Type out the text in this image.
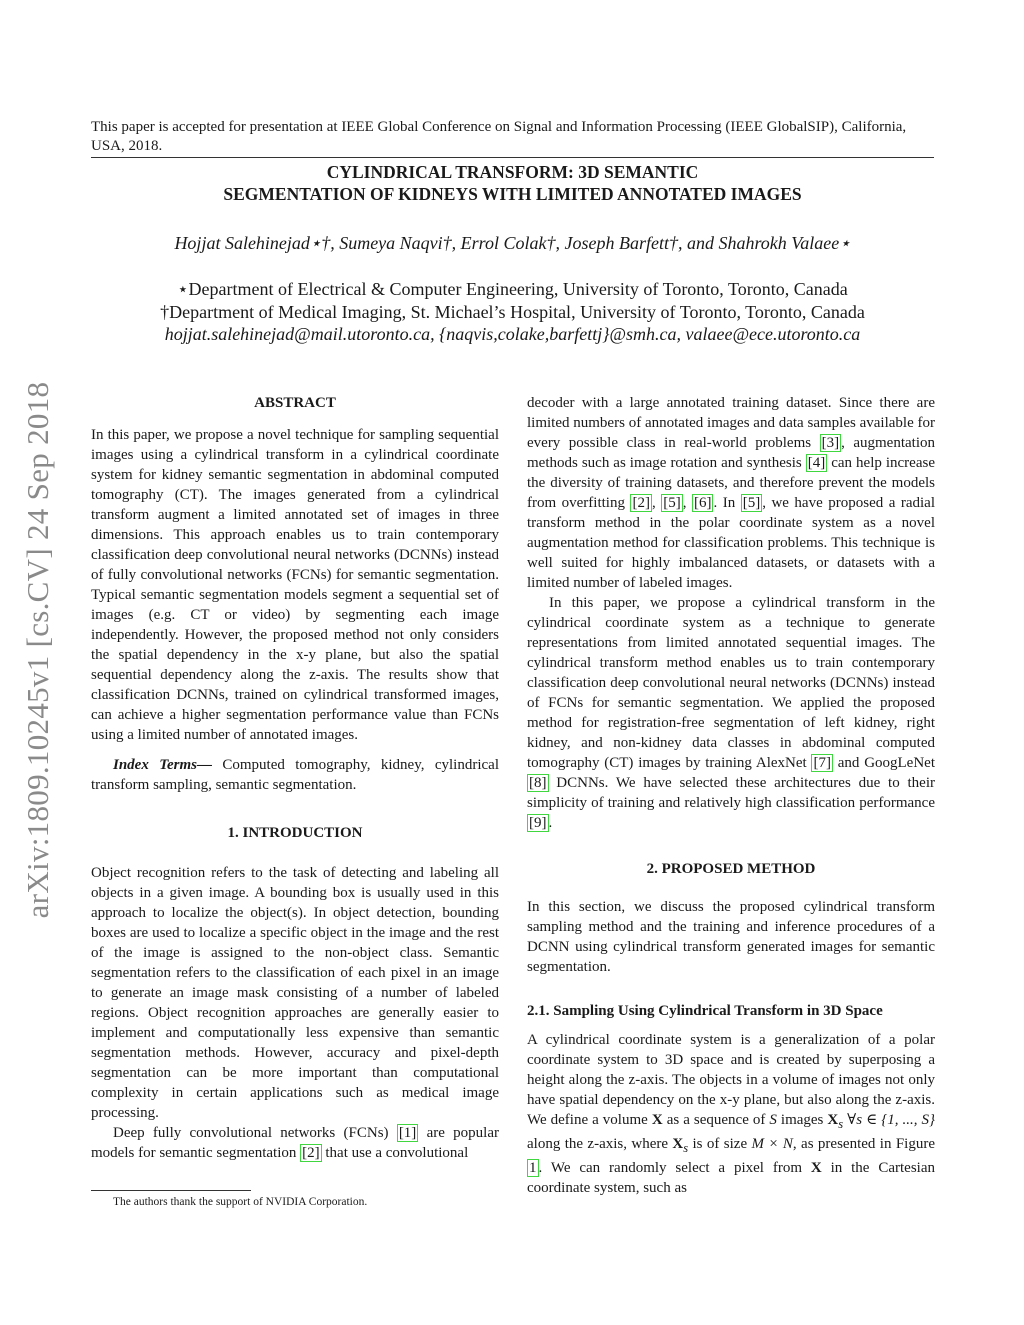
arXiv:1809.10245v1 [cs.CV] 24 Sep 2018
This paper is accepted for presentation at IEEE Global Conference on Signal and Information Processing (IEEE GlobalSIP), California, USA, 2018.
CYLINDRICAL TRANSFORM: 3D SEMANTIC
SEGMENTATION OF KIDNEYS WITH LIMITED ANNOTATED IMAGES
Hojjat Salehinejad⋆†, Sumeya Naqvi†, Errol Colak†, Joseph Barfett†, and Shahrokh Valaee⋆
⋆Department of Electrical & Computer Engineering, University of Toronto, Toronto, Canada
†Department of Medical Imaging, St. Michael’s Hospital, University of Toronto, Toronto, Canada
hojjat.salehinejad@mail.utoronto.ca, {naqvis,colake,barfettj}@smh.ca, valaee@ece.utoronto.ca

ABSTRACT

In this paper, we propose a novel technique for sampling sequential images using a cylindrical transform in a cylindrical coordinate system for kidney semantic segmentation in abdominal computed tomography (CT). The images generated from a cylindrical transform augment a limited annotated set of images in three dimensions. This approach enables us to train contemporary classification deep convolutional neural networks (DCNNs) instead of fully convolutional networks (FCNs) for semantic segmentation. Typical semantic segmentation models segment a sequential set of images (e.g. CT or video) by segmenting each image independently. However, the proposed method not only considers the spatial dependency in the x-y plane, but also the spatial sequential dependency along the z-axis. The results show that classification DCNNs, trained on cylindrical transformed images, can achieve a higher segmentation performance value than FCNs using a limited number of annotated images.

Index Terms— Computed tomography, kidney, cylindrical transform sampling, semantic segmentation.

1. INTRODUCTION

Object recognition refers to the task of detecting and labeling all objects in a given image. A bounding box is usually used in this approach to localize the object(s). In object detection, bounding boxes are used to localize a specific object in the image and the rest of the image is assigned to the non-object class. Semantic segmentation refers to the classification of each pixel in an image to generate an image mask consisting of a number of labeled regions. Object recognition approaches are generally easier to implement and computationally less expensive than semantic segmentation methods. However, accuracy and pixel-depth segmentation can be more important than computational complexity in certain applications such as medical image processing.

Deep fully convolutional networks (FCNs) [1] are popular models for semantic segmentation [2] that use a convolutional

decoder with a large annotated training dataset. Since there are limited numbers of annotated images and data samples available for every possible class in real-world problems [3] , augmentation methods such as image rotation and synthesis [4] can help increase the diversity of training datasets, and therefore prevent the models from overfitting [2] , [5] , [6] . In [5] , we have proposed a radial transform method in the polar coordinate system as a novel augmentation method for classification problems. This technique is well suited for highly imbalanced datasets, or datasets with a limited number of labeled images.

In this paper, we propose a cylindrical transform in the cylindrical coordinate system as a technique to generate representations from limited annotated sequential images. The cylindrical transform method enables us to train contemporary classification deep convolutional neural networks (DCNNs) instead of FCNs for semantic segmentation. We applied the proposed method for registration-free segmentation of left kidney, right kidney, and non-kidney data classes in abdominal computed tomography (CT) images by training AlexNet [7] and GoogLeNet [8] DCNNs. We have selected these architectures due to their simplicity of training and relatively high classification performance [9] .

2. PROPOSED METHOD

In this section, we discuss the proposed cylindrical transform sampling method and the training and inference procedures of a DCNN using cylindrical transform generated images for semantic segmentation.

2.1. Sampling Using Cylindrical Transform in 3D Space

A cylindrical coordinate system is a generalization of a polar coordinate system to 3D space and is created by superposing a height along the z-axis. The objects in a volume of images not only have spatial dependency on the x-y plane, but also along the z-axis. We define a volume X as a sequence of S images $X_s$ ∀s ∈ {1, ..., S} along the z-axis, where $X_s$ is of size M × N, as presented in Figure 1 . We can randomly select a pixel from X in the Cartesian coordinate system, such as

The authors thank the support of NVIDIA Corporation.
